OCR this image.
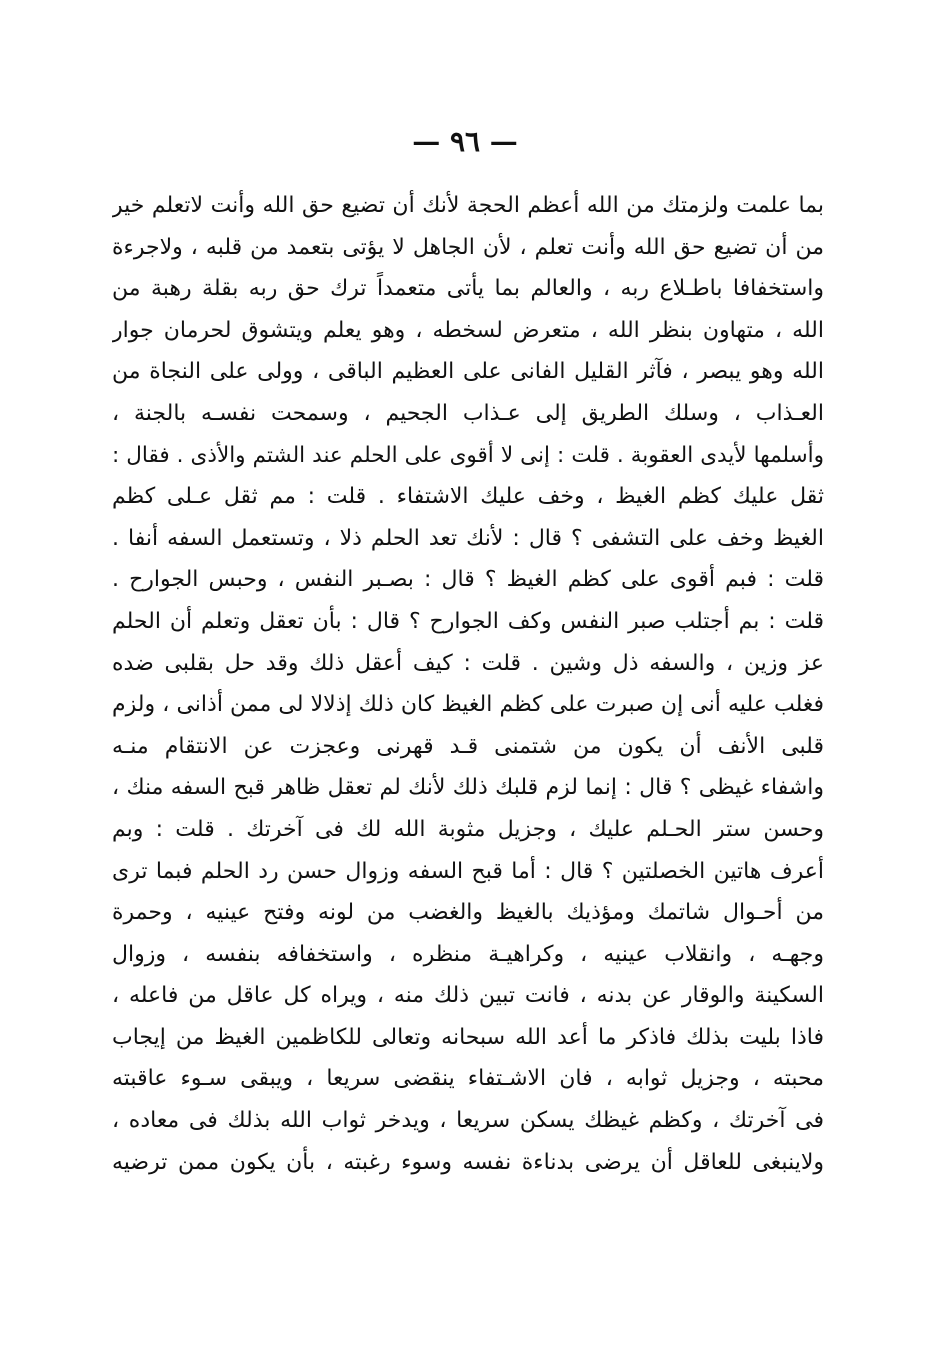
— ٩٦ —
بما علمت ولزمتك من الله أعظم الحجة لأنك أن تضيع حق الله وأنت لاتعلم خير
من أن تضيع حق الله وأنت تعلم ، لأن الجاهل لا يؤتى بتعمد من قلبه ، ولاجرءة
واستخفافا باطـلاع ربه ، والعالم بما يأتى متعمداً ترك حق ربه بقلة رهبة من
الله ، متهاون بنظر الله ، متعرض لسخطه ، وهو يعلم ويتشوق لحرمان جوار
الله وهو يبصر ، فآثر القليل الفانى على العظيم الباقى ، وولى على النجاة من
العـذاب ، وسلك الطريق إلى عـذاب الجحيم ، وسمحت نفسـه بالجنة ،
وأسلمها لأيدى العقوبة . قلت : إنى لا أقوى على الحلم عند الشتم والأذى . فقال :
ثقل عليك كظم الغيظ ، وخف عليك الاشتفاء . قلت : مم ثقل عـلى كظم
الغيظ وخف على التشفى ؟ قال : لأنك تعد الحلم ذلا ، وتستعمل السفه أنفا .
قلت : فبم أقوى على كظم الغيظ ؟ قال : بصـبر النفس ، وحبس الجوارح .
قلت : بم أجتلب صبر النفس وكف الجوارح ؟ قال : بأن تعقل وتعلم أن الحلم
عز وزين ، والسفه ذل وشين . قلت : كيف أعقل ذلك وقد حل بقلبى ضده
فغلب عليه أنى إن صبرت على كظم الغيظ كان ذلك إذلالا لى ممن أذانى ، ولزم
قلبى الأنف أن يكون من شتمنى قـد قهرنى وعجزت عن الانتقام منـه
واشفاء غيظى ؟ قال : إنما لزم قلبك ذلك لأنك لم تعقل ظاهر قبح السفه منك ،
وحسن ستر الحـلم عليك ، وجزيل مثوبة الله لك فى آخرتك . قلت : وبم
أعرف هاتين الخصلتين ؟ قال : أما قبح السفه وزوال حسن رد الحلم فبما ترى
من أحـوال شاتمك ومؤذيك بالغيظ والغضب من لونه وفتح عينيه ، وحمرة
وجهـه ، وانقلاب عينيه ، وكراهيـة منظره ، واستخفافه بنفسه ، وزوال
السكينة والوقار عن بدنه ، فانت تبين ذلك منه ، ويراه كل عاقل من فاعله ،
فاذا بليت بذلك فاذكر ما أعد الله سبحانه وتعالى للكاظمين الغيظ من إيجاب
محبته ، وجزيل ثوابه ، فان الاشـتفاء ينقضى سريعا ، ويبقى سـوء عاقبته
فى آخرتك ، وكظم غيظك يسكن سريعا ، ويدخر ثواب الله بذلك فى معاده ،
ولاينبغى للعاقل أن يرضى بدناءة نفسه وسوء رغبته ، بأن يكون ممن ترضيه
